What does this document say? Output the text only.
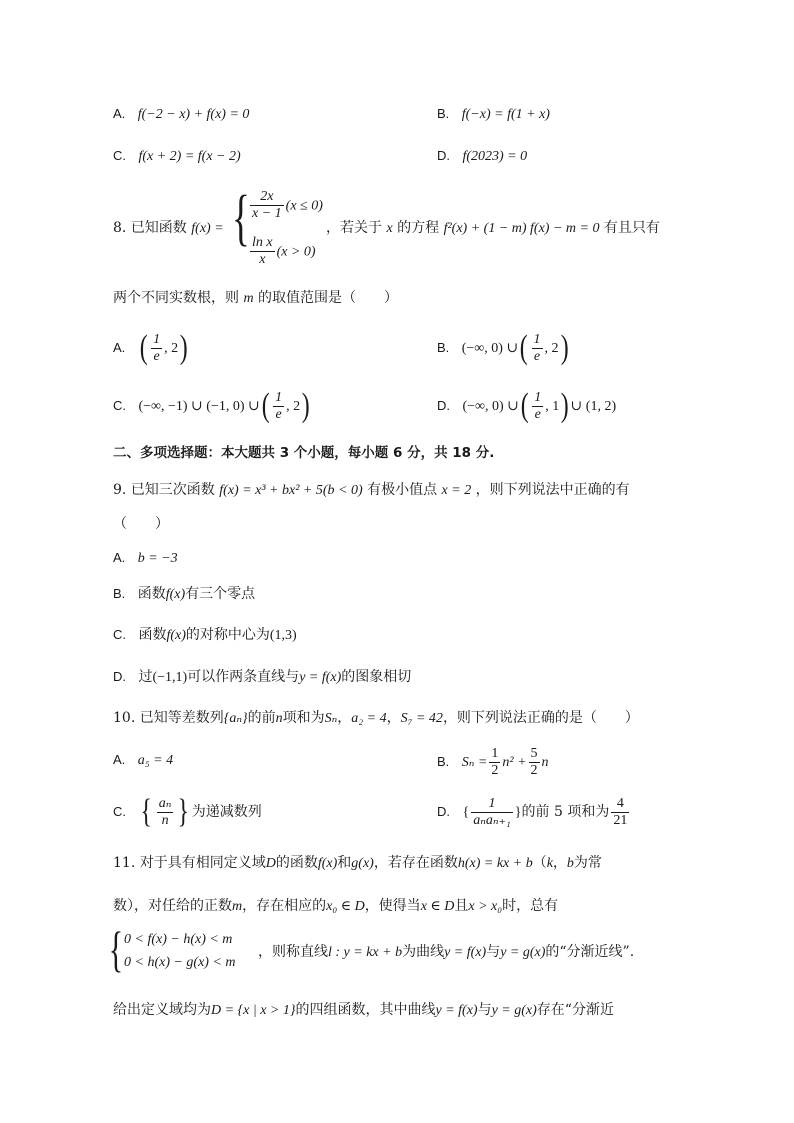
A. f(−2 − x) + f(x) = 0	B. f(−x) = f(1 + x)
C. f(x + 2) = f(x − 2)	D. f(2023) = 0
8. 已知函数 f(x) = { $\frac{2x}{x - 1} (x \le 0)$
$\frac{\text{ln x}}{x} (x > 0)$
，若关于 x 的方程 f²(x) + (1 − m) f(x) − m = 0 有且只有
两个不同实数根，则 m 的取值范围是（　　）
A. ( $\frac{1}{e}$ , 2)	B. (−∞, 0) ∪( $\frac{1}{e}$ , 2)
C. (−∞, −1) ∪ (−1, 0) ∪( $\frac{1}{e}$ , 2)	D. (−∞, 0) ∪( $\frac{1}{e}$ , 1) ∪ (1, 2)
二、多项选择题：本大题共 3 个小题，每小题 6 分，共 18 分.
9. 已知三次函数 f(x) = x³ + bx² + 5(b < 0) 有极小值点 x = 2 ，则下列说法中正确的有
（　　）
A. b = −3
B. 函数f(x)有三个零点
C. 函数f(x)的对称中心为(1,3)
D. 过(−1,1)可以作两条直线与y = f(x)的图象相切
10. 已知等差数列{aₙ}的前n项和为Sₙ，a₂ = 4，S₇ = 42，则下列说法正确的是（　　）
A. a₅ = 4	B. $S_n = \frac{1}{2} n^2 + \frac{5}{2}$ n
C. { $\frac{\text{aₙ}}{n}$ } 为递减数列	D. { $\frac{1}{\text{aₙaₙ₊₁}}$ }的前 5 项和为 $\frac{4}{21}$
11. 对于具有相同定义域D的函数f(x)和g(x)，若存在函数h(x) = kx + b（k，b为常
数），对任给的正数m，存在相应的x₀ ∈ D，使得当x ∈ D且x > x₀时，总有
{ 0 < f(x) − h(x) < m
0 < h(x) − g(x) < m
，则称直线l : y = kx + b为曲线y = f(x)与y = g(x)的“分渐近线”.
给出定义域均为D = {x | x > 1}的四组函数，其中曲线y = f(x)与y = g(x)存在“分渐近
